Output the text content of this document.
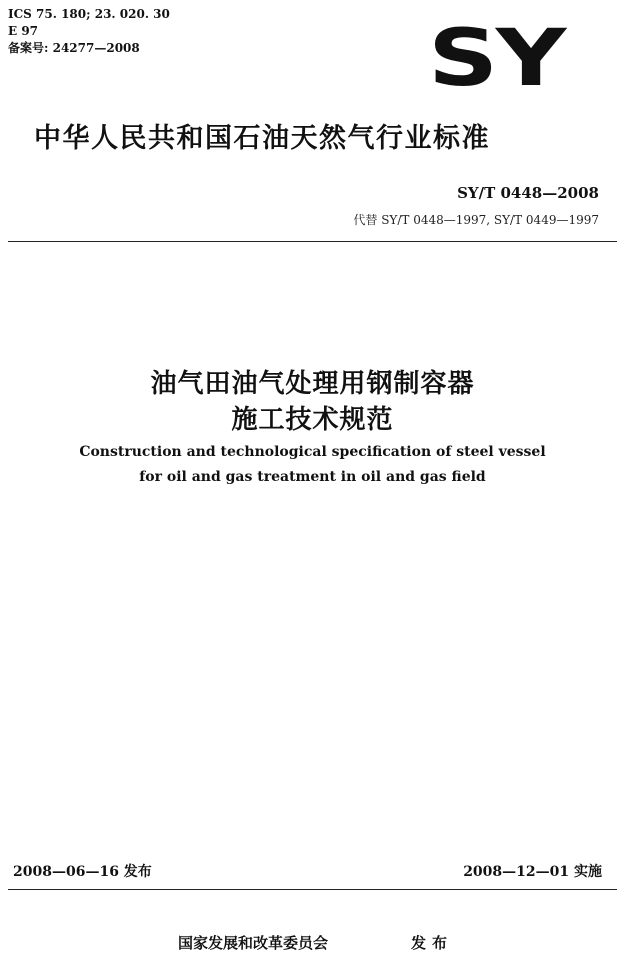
ICS 75. 180; 23. 020. 30
E 97
备案号: 24277—2008	SY
中华人民共和国石油天然气行业标准
SY/T 0448—2008
代替 SY/T 0448—1997, SY/T 0449—1997
油气田油气处理用钢制容器
施工技术规范
Construction and technological specification of steel vessel
for oil and gas treatment in oil and gas field
2008—06—16 发布	2008—12—01 实施
国家发展和改革委员会	发布
